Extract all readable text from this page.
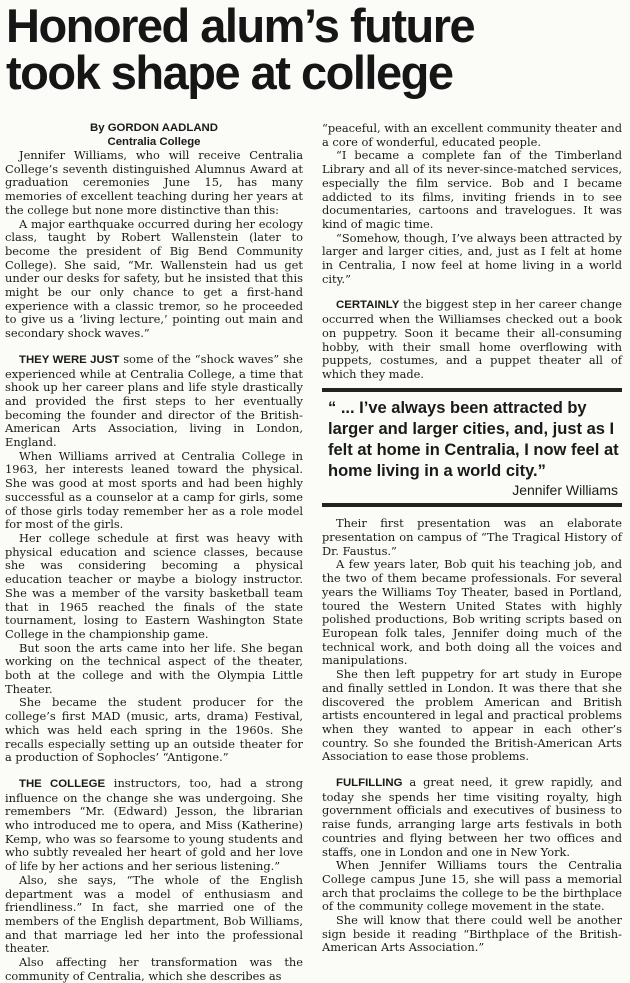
Honored alum’s future
took shape at college
By GORDON AADLAND
Centralia College

Jennifer Williams, who will receive Centralia College’s seventh distinguished Alumnus Award at graduation ceremonies June 15, has many memories of excellent teaching during her years at the college but none more distinctive than this:

A major earthquake occurred during her ecology class, taught by Robert Wallenstein (later to become the president of Big Bend Community College). She said, “Mr. Wallenstein had us get under our desks for safety, but he insisted that this might be our only chance to get a first-hand experience with a classic tremor, so he proceeded to give us a ‘living lecture,’ pointing out main and secondary shock waves.”

THEY WERE JUST some of the “shock waves” she experienced while at Centralia College, a time that shook up her career plans and life style drastically and provided the first steps to her eventually becoming the founder and director of the British-American Arts Association, living in London, England.

When Williams arrived at Centralia College in 1963, her interests leaned toward the physical. She was good at most sports and had been highly successful as a counselor at a camp for girls, some of those girls today remember her as a role model for most of the girls.

Her college schedule at first was heavy with physical education and science classes, because she was considering becoming a physical education teacher or maybe a biology instructor. She was a member of the varsity basketball team that in 1965 reached the finals of the state tournament, losing to Eastern Washington State College in the championship game.

But soon the arts came into her life. She began working on the technical aspect of the theater, both at the college and with the Olympia Little Theater.

She became the student producer for the college’s first MAD (music, arts, drama) Festival, which was held each spring in the 1960s. She recalls especially setting up an outside theater for a production of Sophocles’ “Antigone.”

THE COLLEGE instructors, too, had a strong influence on the change she was undergoing. She remembers “Mr. (Edward) Jesson, the librarian who introduced me to opera, and Miss (Katherine) Kemp, who was so fearsome to young students and who subtly revealed her heart of gold and her love of life by her actions and her serious listening.”

Also, she says, “The whole of the English department was a model of enthusiasm and friendliness.” In fact, she married one of the members of the English department, Bob Williams, and that marriage led her into the professional theater.

Also affecting her transformation was the community of Centralia, which she describes as

“peaceful, with an excellent community theater and a core of wonderful, educated people.

“I became a complete fan of the Timberland Library and all of its never-since-matched services, especially the film service. Bob and I became addicted to its films, inviting friends in to see documentaries, cartoons and travelogues. It was kind of magic time.

“Somehow, though, I’ve always been attracted by larger and larger cities, and, just as I felt at home in Centralia, I now feel at home living in a world city.”

CERTAINLY the biggest step in her career change occurred when the Williamses checked out a book on puppetry. Soon it became their all-consuming hobby, with their small home overflowing with puppets, costumes, and a puppet theater all of which they made.

“ ... I’ve always been attracted by larger and larger cities, and, just as I felt at home in Centralia, I now feel at home living in a world city.”
Jennifer Williams

Their first presentation was an elaborate presentation on campus of “The Tragical History of Dr. Faustus.”

A few years later, Bob quit his teaching job, and the two of them became professionals. For several years the Williams Toy Theater, based in Portland, toured the Western United States with highly polished productions, Bob writing scripts based on European folk tales, Jennifer doing much of the technical work, and both doing all the voices and manipulations.

She then left puppetry for art study in Europe and finally settled in London. It was there that she discovered the problem American and British artists encountered in legal and practical problems when they wanted to appear in each other’s country. So she founded the British-American Arts Association to ease those problems.

FULFILLING a great need, it grew rapidly, and today she spends her time visiting royalty, high government officials and executives of business to raise funds, arranging large arts festivals in both countries and flying between her two offices and staffs, one in London and one in New York.

When Jennifer Williams tours the Centralia College campus June 15, she will pass a memorial arch that proclaims the college to be the birthplace of the community college movement in the state.

She will know that there could well be another sign beside it reading “Birthplace of the British-American Arts Association.”
